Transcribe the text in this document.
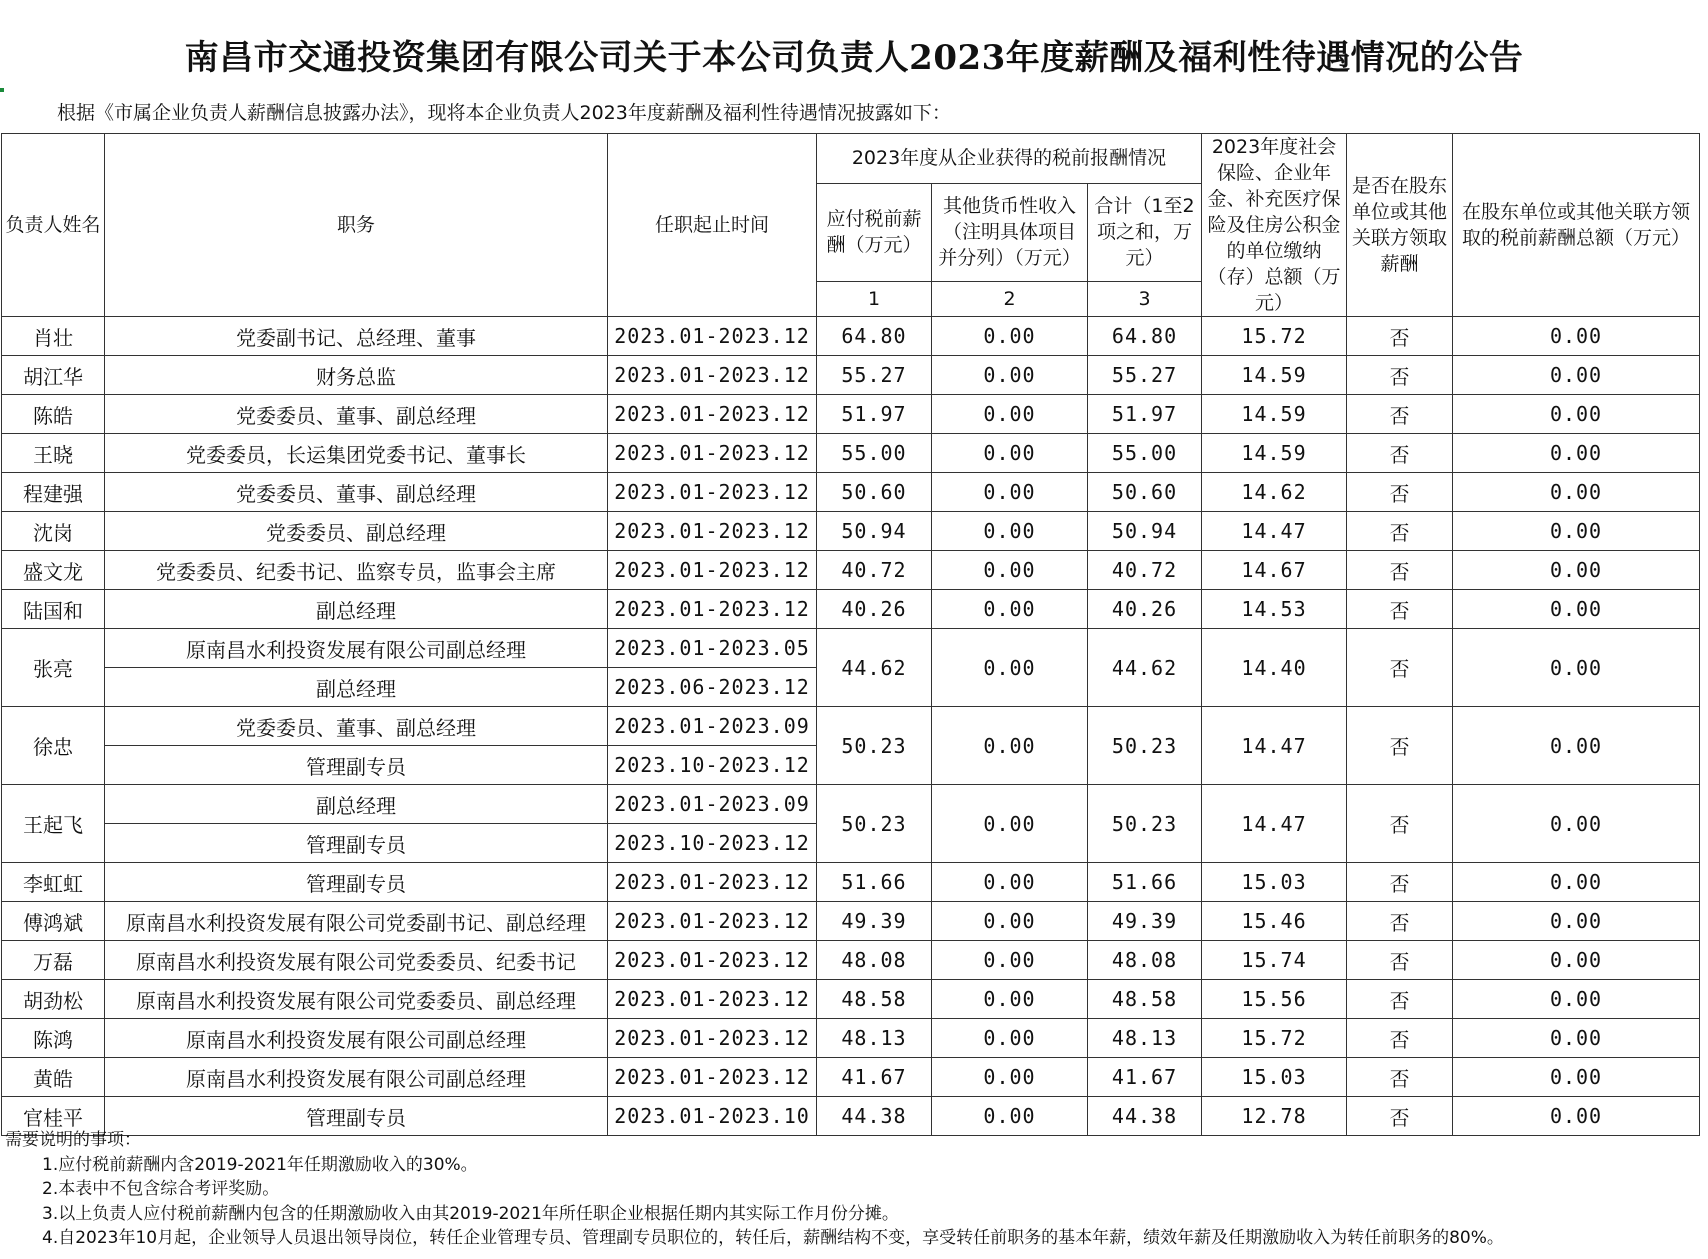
南昌市交通投资集团有限公司关于本公司负责人2023年度薪酬及福利性待遇情况的公告
根据《市属企业负责人薪酬信息披露办法》，现将本企业负责人2023年度薪酬及福利性待遇情况披露如下：
负责人姓名	职务	任职起止时间	2023年度从企业获得的税前报酬情况			2023年度社会保险、企业年金、补充医疗保险及住房公积金的单位缴纳（存）总额（万元）	是否在股东单位或其他关联方领取薪酬	在股东单位或其他关联方领取的税前薪酬总额（万元）
			应付税前薪酬（万元）	其他货币性收入（注明具体项目并分列）（万元）	合计（1至2项之和，万元）			
			1	2	3			
肖壮	党委副书记、总经理、董事	2023.01-2023.12	64.80	0.00	64.80	15.72	否	0.00
胡江华	财务总监	2023.01-2023.12	55.27	0.00	55.27	14.59	否	0.00
陈皓	党委委员、董事、副总经理	2023.01-2023.12	51.97	0.00	51.97	14.59	否	0.00
王晓	党委委员，长运集团党委书记、董事长	2023.01-2023.12	55.00	0.00	55.00	14.59	否	0.00
程建强	党委委员、董事、副总经理	2023.01-2023.12	50.60	0.00	50.60	14.62	否	0.00
沈岗	党委委员、副总经理	2023.01-2023.12	50.94	0.00	50.94	14.47	否	0.00
盛文龙	党委委员、纪委书记、监察专员，监事会主席	2023.01-2023.12	40.72	0.00	40.72	14.67	否	0.00
陆国和	副总经理	2023.01-2023.12	40.26	0.00	40.26	14.53	否	0.00
张亮	原南昌水利投资发展有限公司副总经理	2023.01-2023.05	44.62	0.00	44.62	14.40	否	0.00
	副总经理	2023.06-2023.12						
徐忠	党委委员、董事、副总经理	2023.01-2023.09	50.23	0.00	50.23	14.47	否	0.00
	管理副专员	2023.10-2023.12						
王起飞	副总经理	2023.01-2023.09	50.23	0.00	50.23	14.47	否	0.00
	管理副专员	2023.10-2023.12						
李虹虹	管理副专员	2023.01-2023.12	51.66	0.00	51.66	15.03	否	0.00
傅鸿斌	原南昌水利投资发展有限公司党委副书记、副总经理	2023.01-2023.12	49.39	0.00	49.39	15.46	否	0.00
万磊	原南昌水利投资发展有限公司党委委员、纪委书记	2023.01-2023.12	48.08	0.00	48.08	15.74	否	0.00
胡劲松	原南昌水利投资发展有限公司党委委员、副总经理	2023.01-2023.12	48.58	0.00	48.58	15.56	否	0.00
陈鸿	原南昌水利投资发展有限公司副总经理	2023.01-2023.12	48.13	0.00	48.13	15.72	否	0.00
黄皓	原南昌水利投资发展有限公司副总经理	2023.01-2023.12	41.67	0.00	41.67	15.03	否	0.00
官桂平	管理副专员	2023.01-2023.10	44.38	0.00	44.38	12.78	否	0.00
需要说明的事项：
1.应付税前薪酬内含2019-2021年任期激励收入的30%。
2.本表中不包含综合考评奖励。
3.以上负责人应付税前薪酬内包含的任期激励收入由其2019-2021年所任职企业根据任期内其实际工作月份分摊。
4.自2023年10月起，企业领导人员退出领导岗位，转任企业管理专员、管理副专员职位的，转任后，薪酬结构不变，享受转任前职务的基本年薪，绩效年薪及任期激励收入为转任前职务的80%。
